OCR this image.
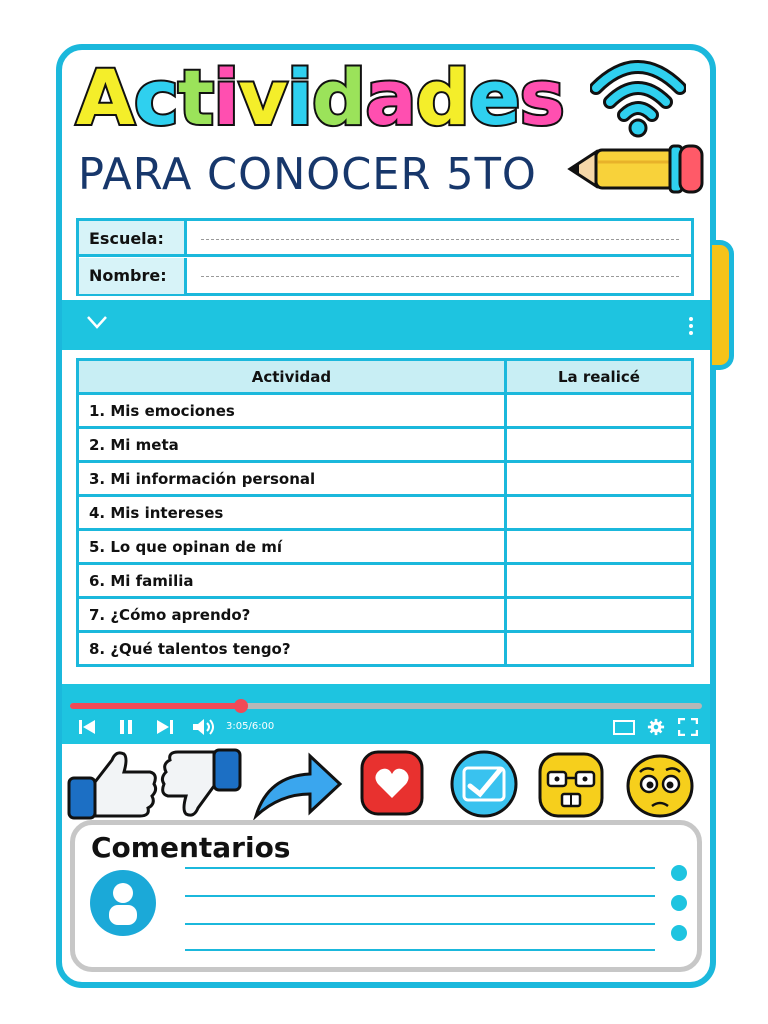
Actividades
PARA CONOCER 5TO
Escuela:
Nombre:
Actividad	La realicé
1. Mis emociones	
2. Mi meta	
3. Mi información personal	
4. Mis intereses	
5. Lo que opinan de mí	
6. Mi familia	
7. ¿Cómo aprendo?	
8. ¿Qué talentos tengo?	
3:05/6:00
Comentarios
